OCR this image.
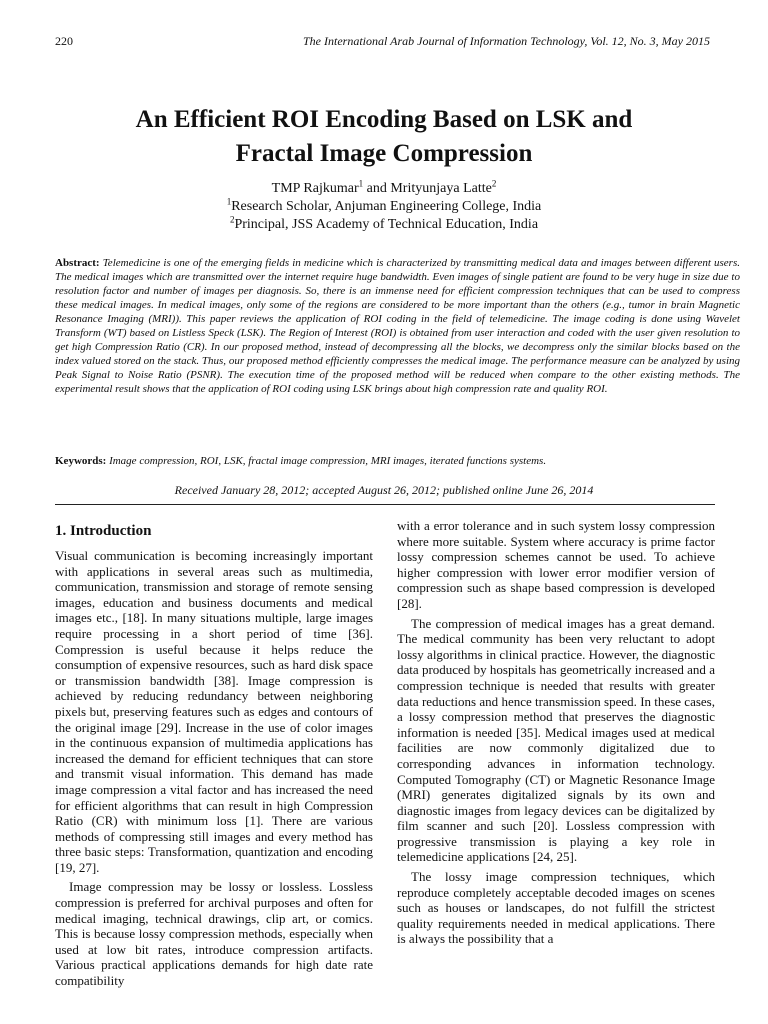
220	The International Arab Journal of Information Technology, Vol. 12, No. 3, May 2015
An Efficient ROI Encoding Based on LSK and
Fractal Image Compression
TMP Rajkumar$^1$ and Mrityunjaya Latte$^2$
$^1$Research Scholar, Anjuman Engineering College, India
$^2$Principal, JSS Academy of Technical Education, India
Abstract: Telemedicine is one of the emerging fields in medicine which is characterized by transmitting medical data and images between different users. The medical images which are transmitted over the internet require huge bandwidth. Even images of single patient are found to be very huge in size due to resolution factor and number of images per diagnosis. So, there is an immense need for efficient compression techniques that can be used to compress these medical images. In medical images, only some of the regions are considered to be more important than the others (e.g., tumor in brain Magnetic Resonance Imaging (MRI)). This paper reviews the application of ROI coding in the field of telemedicine. The image coding is done using Wavelet Transform (WT) based on Listless Speck (LSK). The Region of Interest (ROI) is obtained from user interaction and coded with the user given resolution to get high Compression Ratio (CR). In our proposed method, instead of decompressing all the blocks, we decompress only the similar blocks based on the index valued stored on the stack. Thus, our proposed method efficiently compresses the medical image. The performance measure can be analyzed by using Peak Signal to Noise Ratio (PSNR). The execution time of the proposed method will be reduced when compare to the other existing methods. The experimental result shows that the application of ROI coding using LSK brings about high compression rate and quality ROI.
Keywords: Image compression, ROI, LSK, fractal image compression, MRI images, iterated functions systems.
Received January 28, 2012; accepted August 26, 2012; published online June 26, 2014
1. Introduction

Visual communication is becoming increasingly important with applications in several areas such as multimedia, communication, transmission and storage of remote sensing images, education and business documents and medical images etc., [18]. In many situations multiple, large images require processing in a short period of time [36]. Compression is useful because it helps reduce the consumption of expensive resources, such as hard disk space or transmission bandwidth [38]. Image compression is achieved by reducing redundancy between neighboring pixels but, preserving features such as edges and contours of the original image [29]. Increase in the use of color images in the continuous expansion of multimedia applications has increased the demand for efficient techniques that can store and transmit visual information. This demand has made image compression a vital factor and has increased the need for efficient algorithms that can result in high Compression Ratio (CR) with minimum loss [1]. There are various methods of compressing still images and every method has three basic steps: Transformation, quantization and encoding [19, 27].

Image compression may be lossy or lossless. Lossless compression is preferred for archival purposes and often for medical imaging, technical drawings, clip art, or comics. This is because lossy compression methods, especially when used at low bit rates, introduce compression artifacts. Various practical applications demands for high date rate compatibility

with a error tolerance and in such system lossy compression where more suitable. System where accuracy is prime factor lossy compression schemes cannot be used. To achieve higher compression with lower error modifier version of compression such as shape based compression is developed [28].

The compression of medical images has a great demand. The medical community has been very reluctant to adopt lossy algorithms in clinical practice. However, the diagnostic data produced by hospitals has geometrically increased and a compression technique is needed that results with greater data reductions and hence transmission speed. In these cases, a lossy compression method that preserves the diagnostic information is needed [35]. Medical images used at medical facilities are now commonly digitalized due to corresponding advances in information technology. Computed Tomography (CT) or Magnetic Resonance Image (MRI) generates digitalized signals by its own and diagnostic images from legacy devices can be digitalized by film scanner and such [20]. Lossless compression with progressive transmission is playing a key role in telemedicine applications [24, 25].

The lossy image compression techniques, which reproduce completely acceptable decoded images on scenes such as houses or landscapes, do not fulfill the strictest quality requirements needed in medical applications. There is always the possibility that a
